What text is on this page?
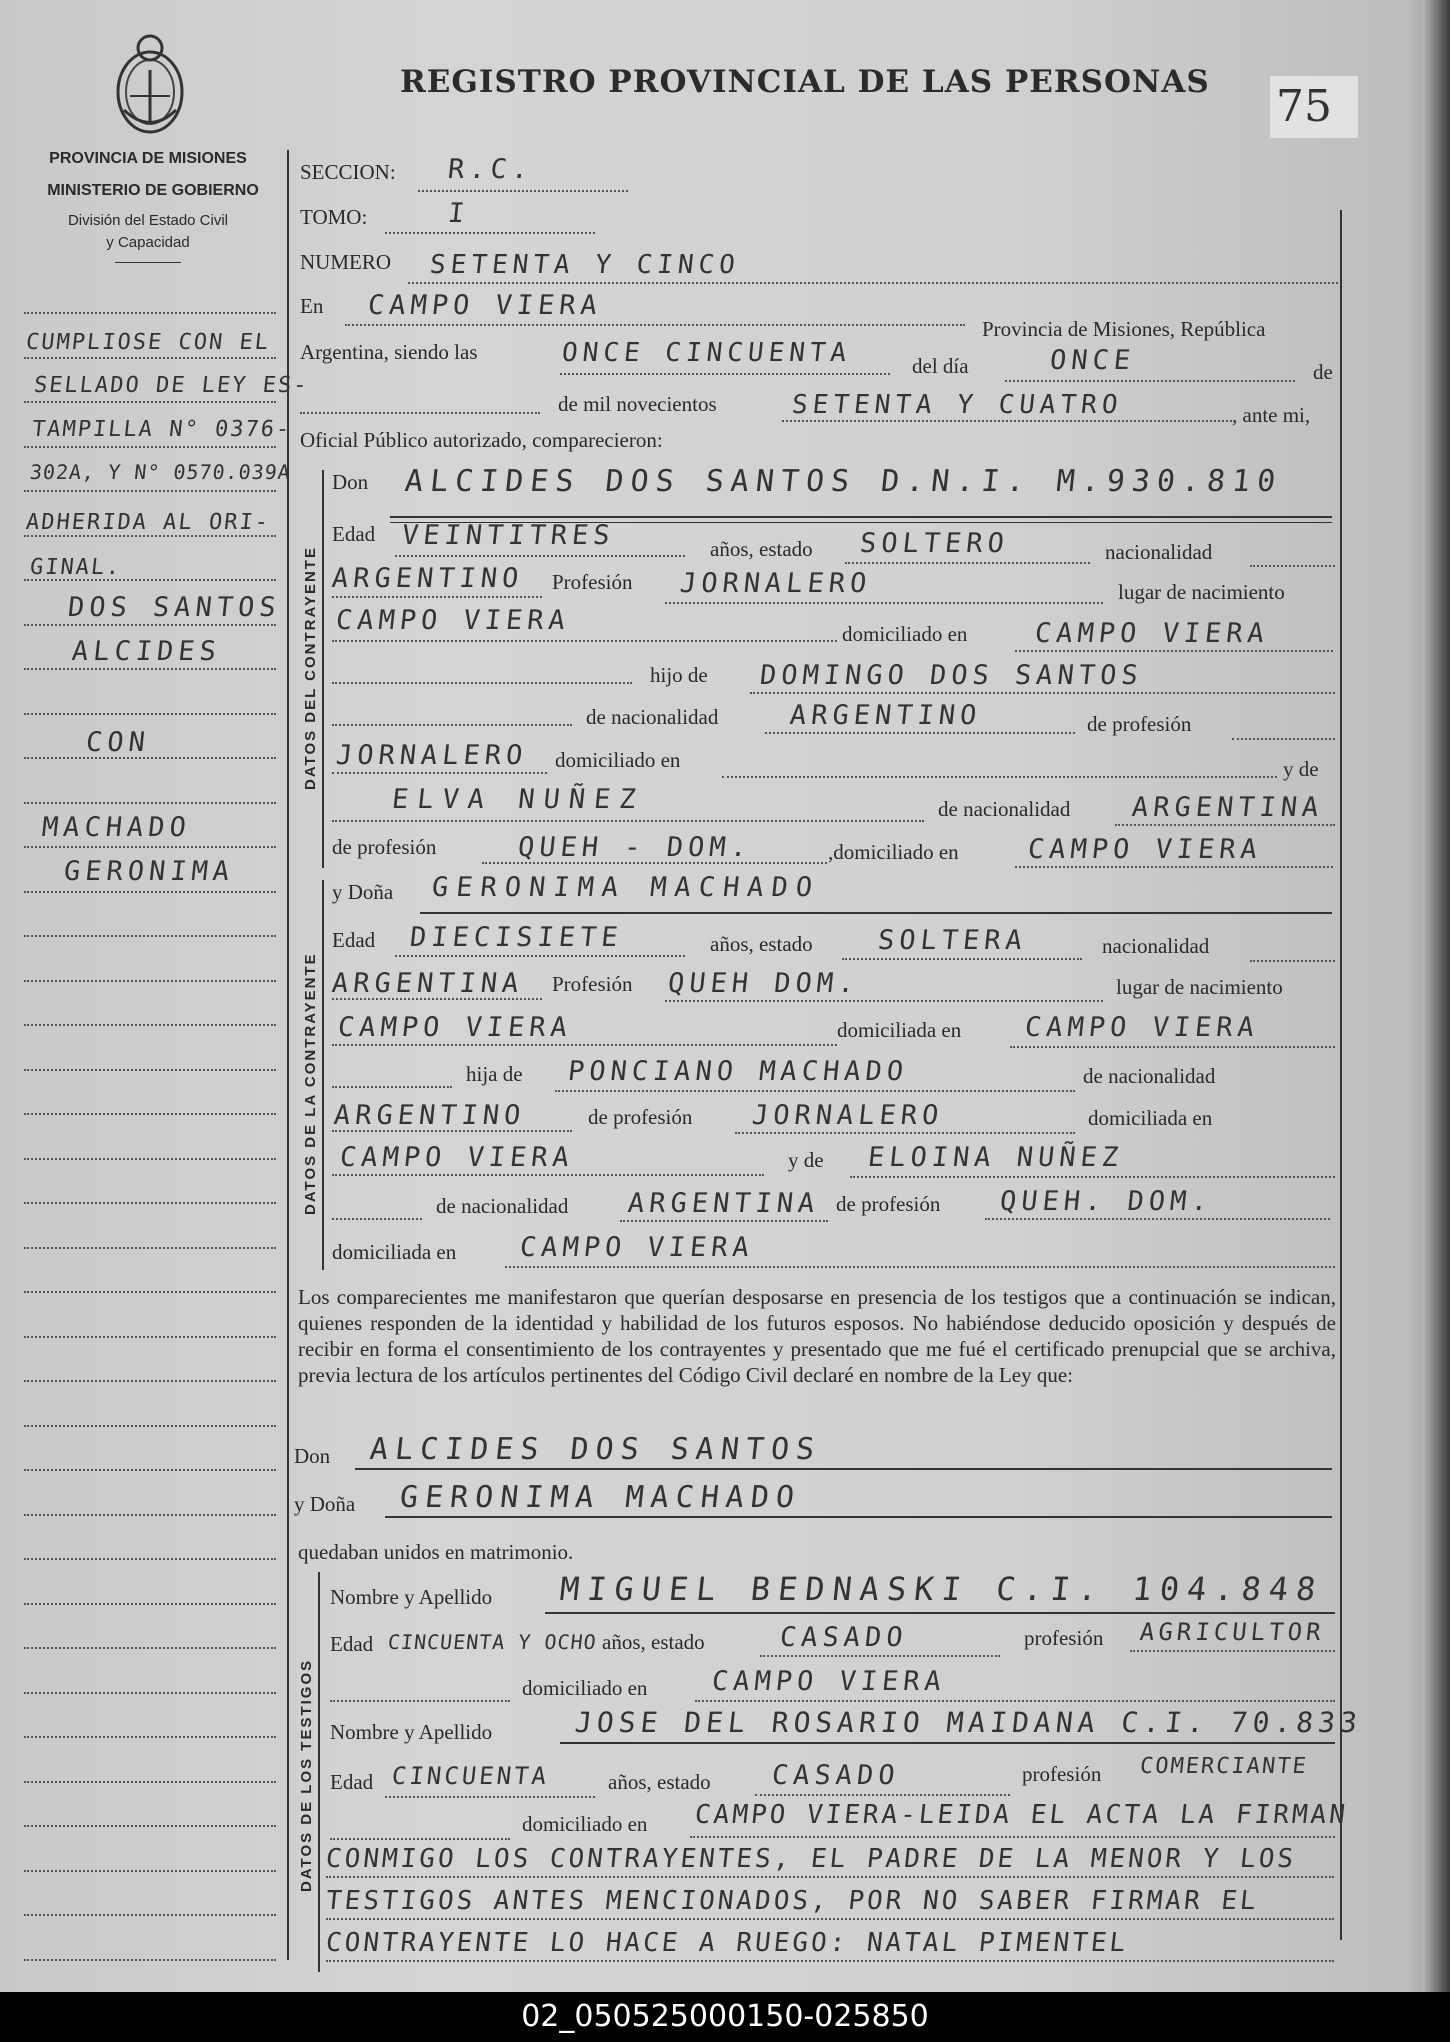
PROVINCIA DE MISIONES
MINISTERIO DE GOBIERNO
División del Estado Civil
y Capacidad
REGISTRO PROVINCIAL DE LAS PERSONAS 75
CUMPLIOSE CON EL
SELLADO DE LEY ES-
TAMPILLA N° 0376-
302A, Y N° 0570.039A
ADHERIDA AL ORI-
GINAL.
DOS SANTOS
ALCIDES
CON
MACHADO
GERONIMA
SECCION: R.C.
TOMO:	I
NUMERO SETENTA Y CINCO
En CAMPO VIERA
Provincia de Misiones, República
Argentina, siendo las	ONCE CINCUENTA	del día	ONCE	de
de mil novecientos	SETENTA Y CUATRO	, ante mi,
Oficial Público autorizado, comparecieron:
DATOS DEL CONTRAYENTE
Don ALCIDES DOS SANTOS D.N.I. M.930.810
Edad VEINTITRES	años, estado SOLTERO	nacionalidad
ARGENTINO Profesión JORNALERO	lugar de nacimiento
CAMPO VIERA	domiciliado en CAMPO VIERA
hijo de DOMINGO DOS SANTOS
de nacionalidad	ARGENTINO	de profesión
JORNALERO domiciliado en	y de
ELVA NUÑEZ	de nacionalidad ARGENTINA
de profesión	QUEH - DOM.	,domiciliado en	CAMPO VIERA
DATOS DE LA CONTRAYENTE
y Doña GERONIMA MACHADO
Edad DIECISIETE	años, estado SOLTERA	nacionalidad
ARGENTINA Profesión QUEH DOM.	lugar de nacimiento
CAMPO VIERA	domiciliada en CAMPO VIERA
hija de PONCIANO MACHADO	de nacionalidad
ARGENTINO	de profesión JORNALERO	domiciliada en
CAMPO VIERA	y de ELOINA NUÑEZ
de nacionalidad ARGENTINA de profesión QUEH. DOM.
domiciliada en CAMPO VIERA
Los comparecientes me manifestaron que querían desposarse en presencia de los testigos que a continuación se indican, quienes responden de la identidad y habilidad de los futuros esposos. No habiéndose deducido oposición y después de recibir en forma el consentimiento de los contrayentes y presentado que me fué el certificado prenupcial que se archiva, previa lectura de los artículos pertinentes del Código Civil declaré en nombre de la Ley que:
Don ALCIDES DOS SANTOS
y Doña GERONIMA MACHADO
quedaban unidos en matrimonio.
DATOS DE LOS TESTIGOS
Nombre y Apellido MIGUEL BEDNASKI C.I. 104.848
Edad CINCUENTA Y OCHO años, estado	CASADO	profesión AGRICULTOR
domiciliado en CAMPO VIERA
Nombre y Apellido	JOSE DEL ROSARIO MAIDANA C.I. 70.833
Edad CINCUENTA	años, estado CASADO	profesión COMERCIANTE
domiciliado en CAMPO VIERA-LEIDA EL ACTA LA FIRMAN
CONMIGO LOS CONTRAYENTES, EL PADRE DE LA MENOR Y LOS
TESTIGOS ANTES MENCIONADOS, POR NO SABER FIRMAR EL
CONTRAYENTE LO HACE A RUEGO: NATAL PIMENTEL
02_050525000150-025850
